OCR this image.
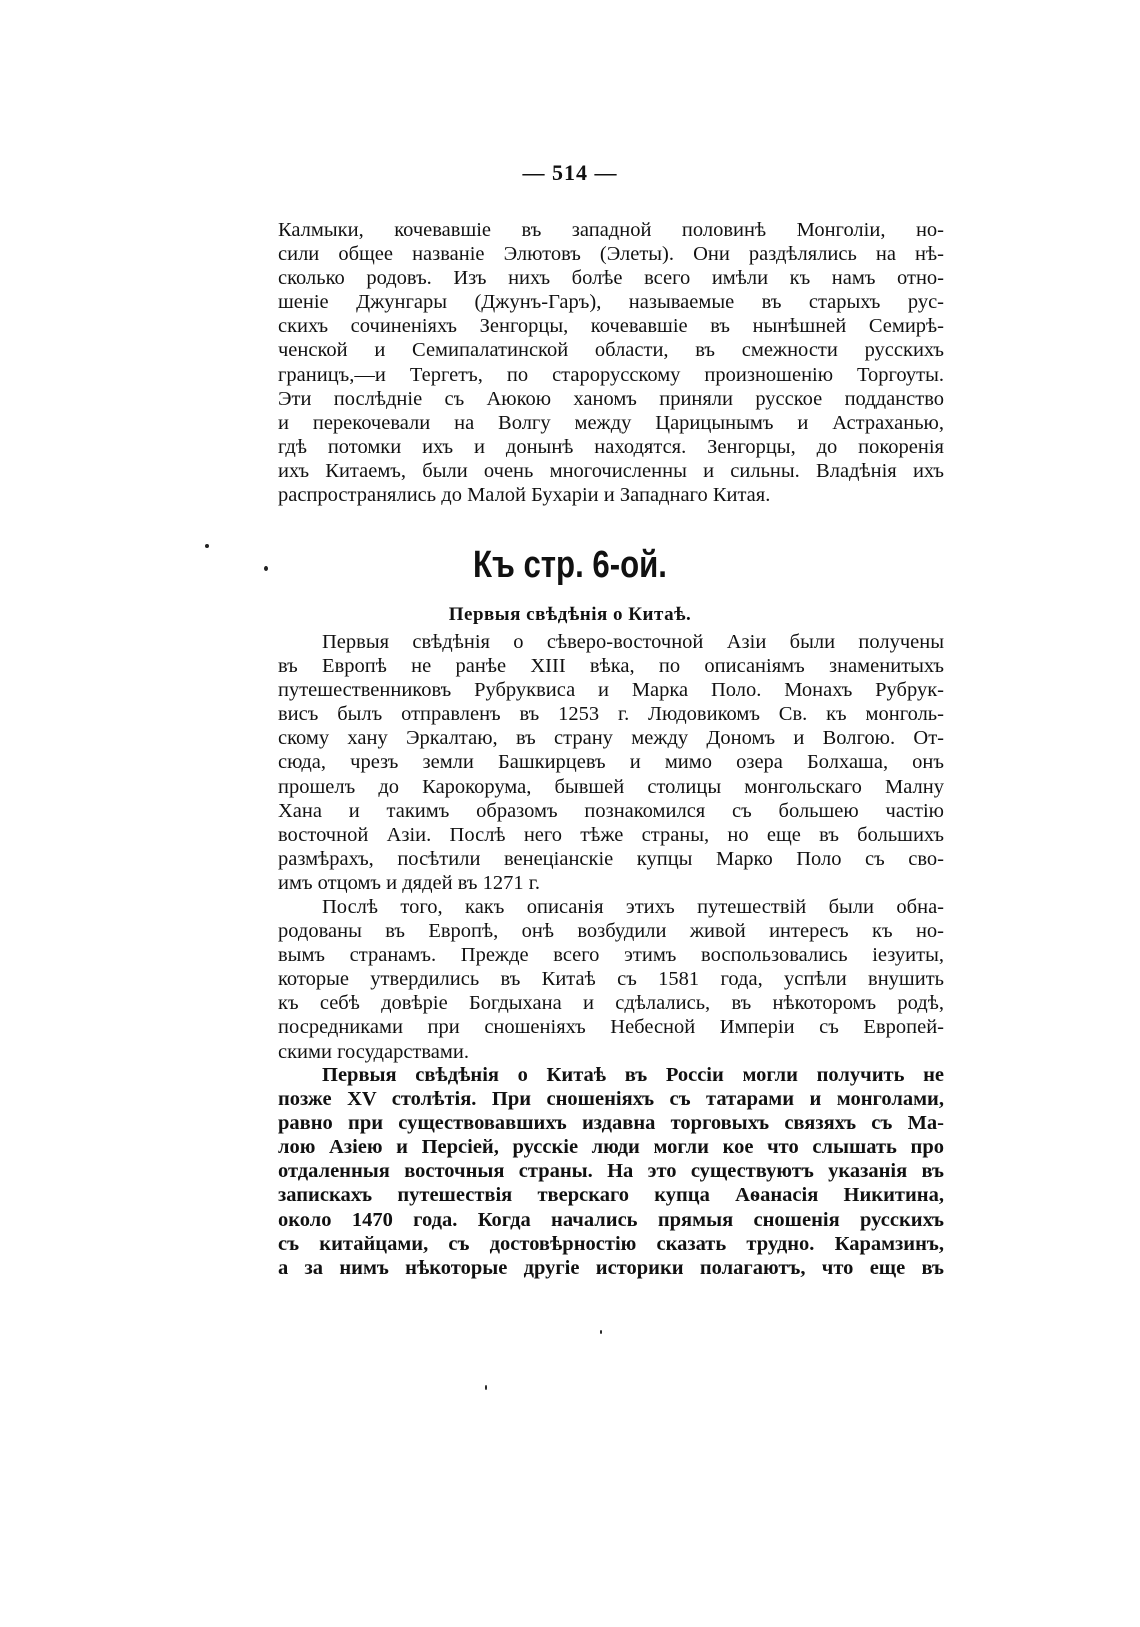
— 514 —
Калмыки, кочевавшіе въ западной половинѣ Монголіи, но-
сили общее названіе Элютовъ (Элеты). Они раздѣлялись на нѣ-
сколько родовъ. Изъ нихъ болѣе всего имѣли къ намъ отно-
шеніе Джунгары (Джунъ-Гаръ), называемые въ старыхъ рус-
скихъ сочиненіяхъ Зенгорцы, кочевавшіе въ нынѣшней Семирѣ-
ченской и Семипалатинской области, въ смежности русскихъ
границъ,—и Тергетъ, по старорусскому произношенію Торгоуты.
Эти послѣдніе съ Аюкою ханомъ приняли русское подданство
и перекочевали на Волгу между Царицынымъ и Астраханью,
гдѣ потомки ихъ и донынѣ находятся. Зенгорцы, до покоренія
ихъ Китаемъ, были очень многочисленны и сильны. Владѣнія ихъ
распространялись до Малой Бухаріи и Западнаго Китая.
Къ стр. 6-ой.
Первыя свѣдѣнія о Китаѣ.
Первыя свѣдѣнія о сѣверо-восточной Азіи были получены
въ Европѣ не ранѣе XIII вѣка, по описаніямъ знаменитыхъ
путешественниковъ Рубруквиса и Марка Поло. Монахъ Рубрук-
висъ былъ отправленъ въ 1253 г. Людовикомъ Св. къ монголь-
скому хану Эркалтаю, въ страну между Дономъ и Волгою. От-
сюда, чрезъ земли Башкирцевъ и мимо озера Болхаша, онъ
прошелъ до Карокорума, бывшей столицы монгольскаго Малну
Хана и такимъ образомъ познакомился съ большею частію
восточной Азіи. Послѣ него тѣже страны, но еще въ большихъ
размѣрахъ, посѣтили венеціанскіе купцы Марко Поло съ сво-
имъ отцомъ и дядей въ 1271 г.
Послѣ того, какъ описанія этихъ путешествій были обна-
родованы въ Европѣ, онѣ возбудили живой интересъ къ но-
вымъ странамъ. Прежде всего этимъ воспользовались іезуиты,
которые утвердились въ Китаѣ съ 1581 года, успѣли внушить
къ себѣ довѣріе Богдыхана и сдѣлались, въ нѣкоторомъ родѣ,
посредниками при сношеніяхъ Небесной Имперіи съ Европей-
скими государствами.
Первыя свѣдѣнія о Китаѣ въ Россіи могли получить не
позже XV столѣтія. При сношеніяхъ съ татарами и монголами,
равно при существовавшихъ издавна торговыхъ связяхъ съ Ма-
лою Азіею и Персіей, русскіе люди могли кое что слышать про
отдаленныя восточныя страны. На это существуютъ указанія въ
запискахъ путешествія тверскаго купца Аѳанасія Никитина,
около 1470 года. Когда начались прямыя сношенія русскихъ
съ китайцами, съ достовѣрностію сказать трудно. Карамзинъ,
а за нимъ нѣкоторые другіе историки полагаютъ, что еще въ
